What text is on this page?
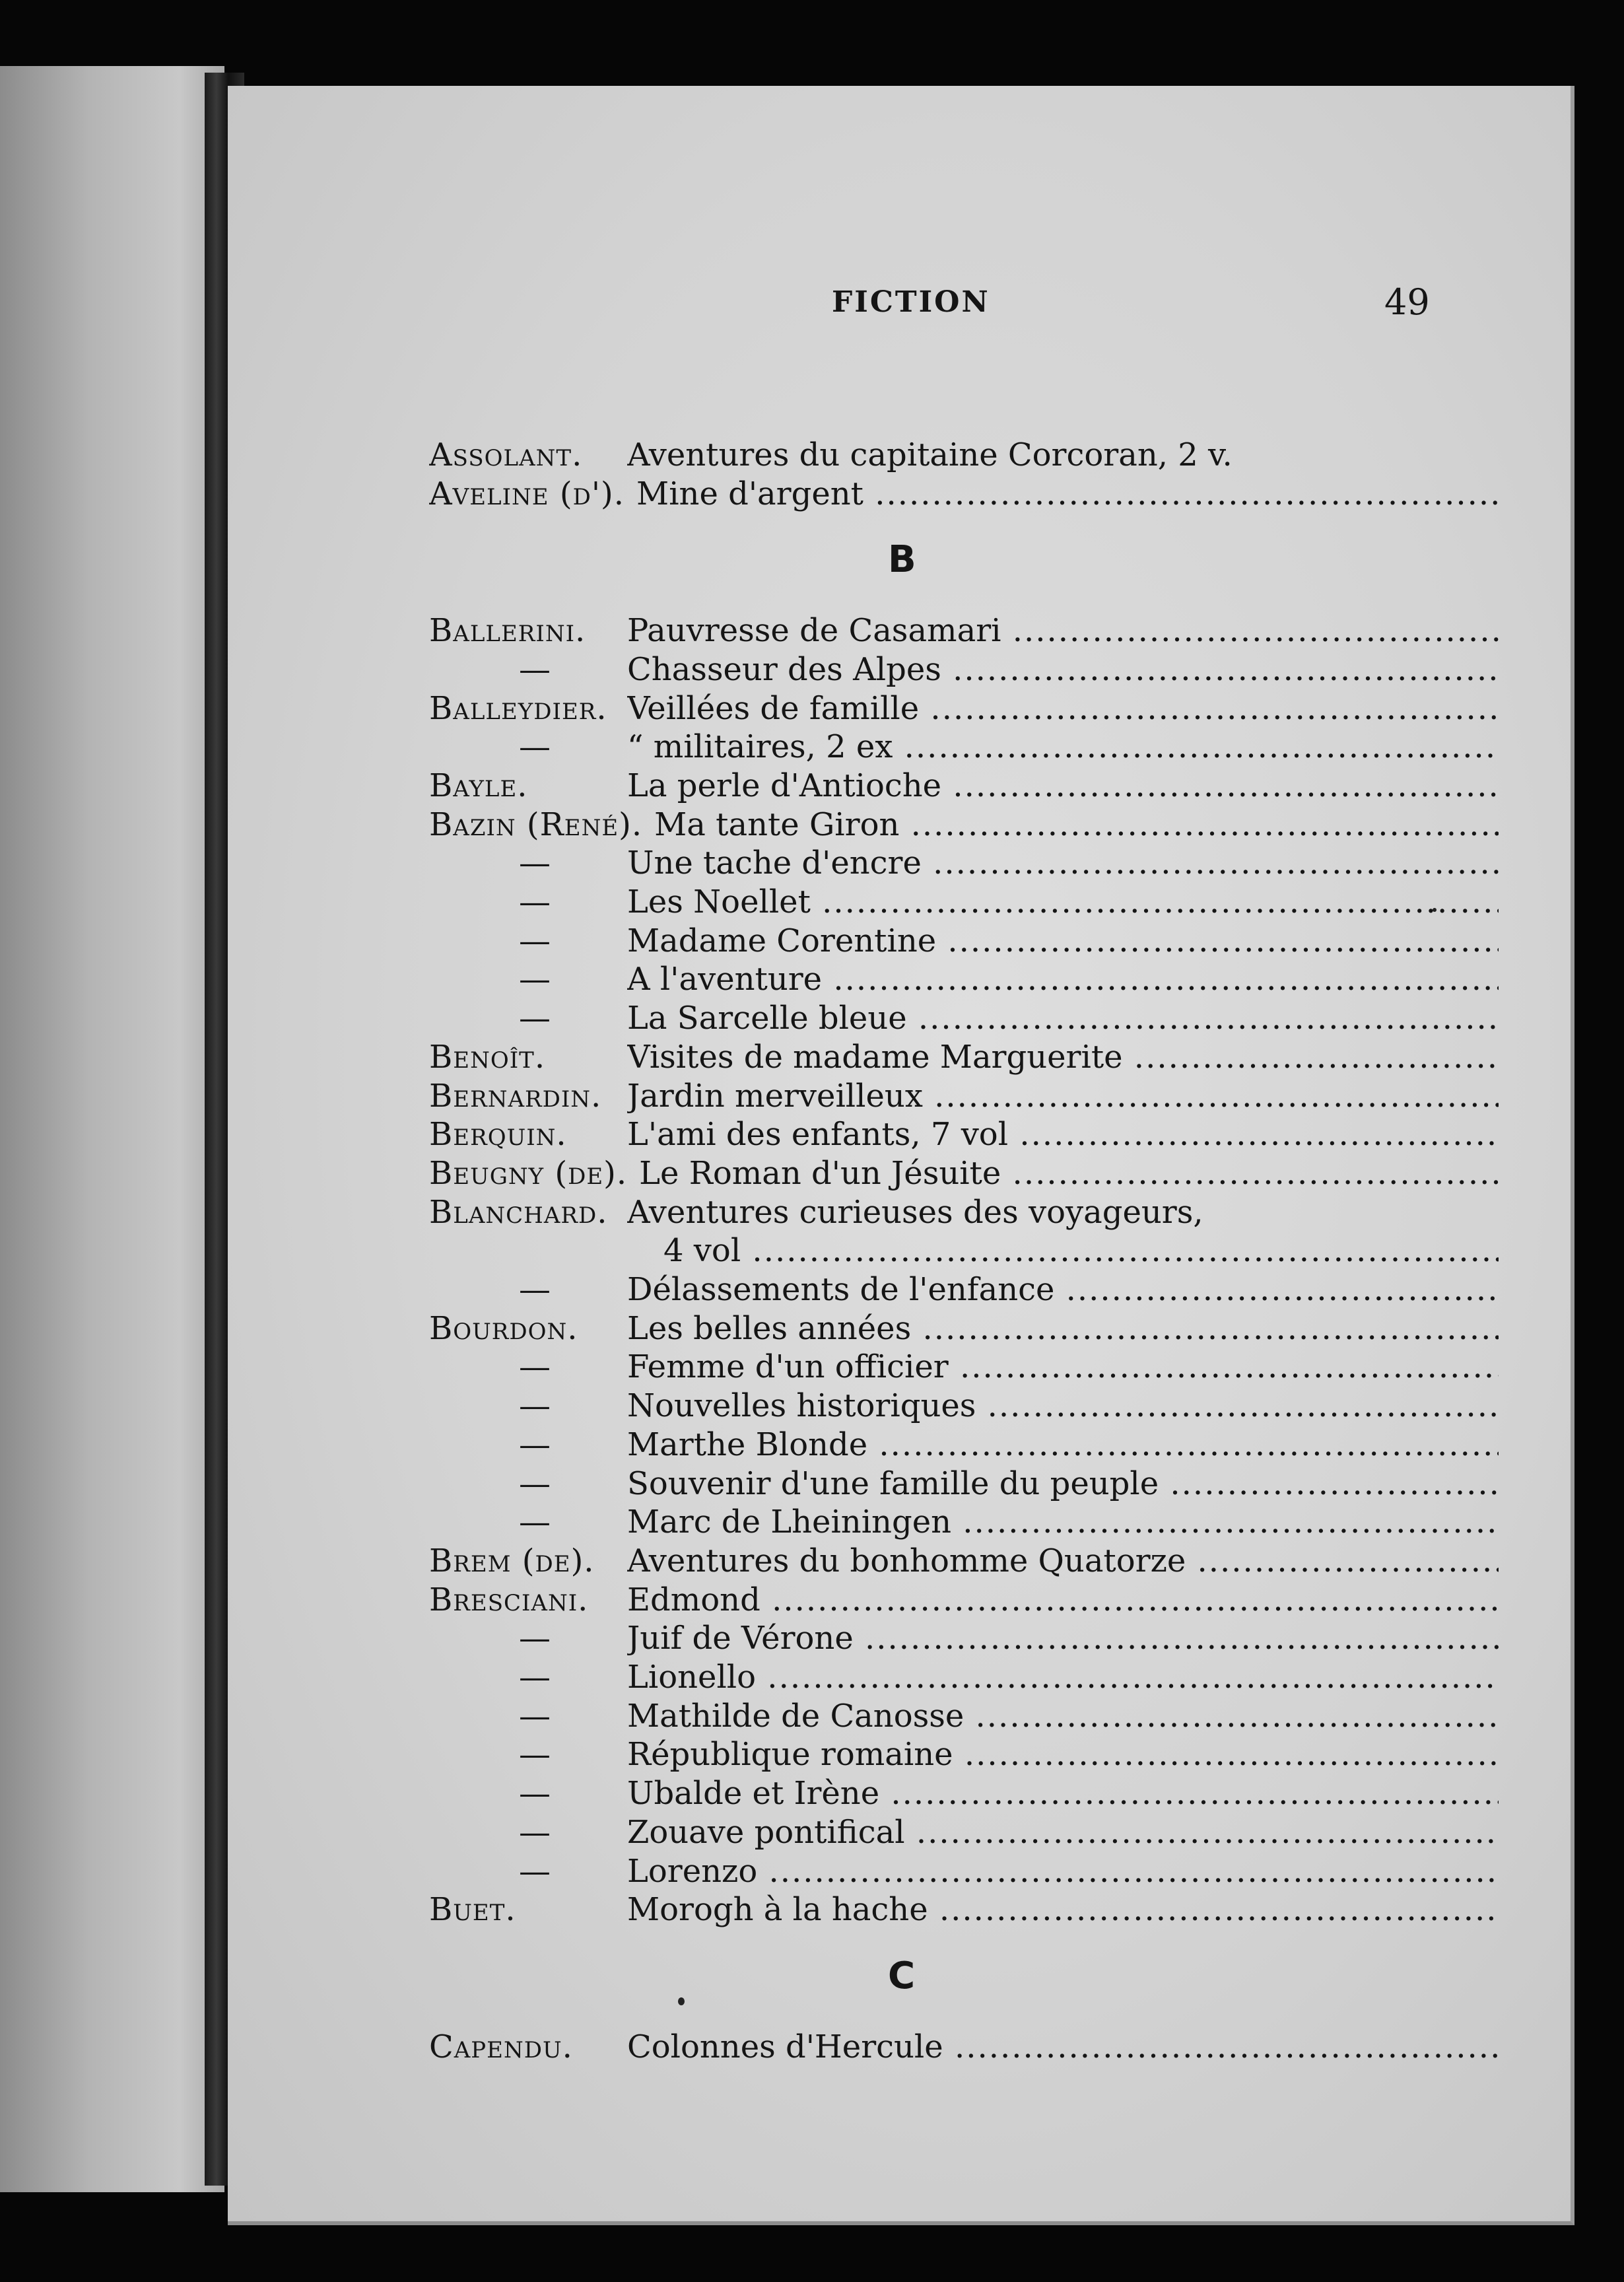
FICTION	49
Assolant. Aventures du capitaine Corcoran, 2 v.
Aveline (d'). Mine d'argent .....
B
Ballerini. Pauvresse de Casamari .....
—	Chasseur des Alpes .....
Balleydier. Veillées de famille .....
—	“ militaires, 2 ex .....
Bayle.	La perle d'Antioche .....
Bazin (René). Ma tante Giron .....
—	Une tache d'encre .....
—	Les Noellet .....
—	Madame Corentine .....
—	A l'aventure .....
—	La Sarcelle bleue .....
Benoît.	Visites de madame Marguerite .....
Bernardin. Jardin merveilleux .....
Berquin. L'ami des enfants, 7 vol .....
Beugny (de). Le Roman d'un Jésuite .....
Blanchard. Aventures curieuses des voyageurs,
4 vol .....
—	Délassements de l'enfance .....
Bourdon. Les belles années .....
—	Femme d'un officier .....
—	Nouvelles historiques .....
—	Marthe Blonde .....
—	Souvenir d'une famille du peuple .....
—	Marc de Lheiningen .....
Brem (de). Aventures du bonhomme Quatorze .....
Bresciani. Edmond .....
—	Juif de Vérone .....
—	Lionello .....
—	Mathilde de Canosse .....
—	République romaine .....
—	Ubalde et Irène .....
—	Zouave pontifical .....
—	Lorenzo .....
Buet.	Morogh à la hache .....
C
Capendu. Colonnes d'Hercule .....
